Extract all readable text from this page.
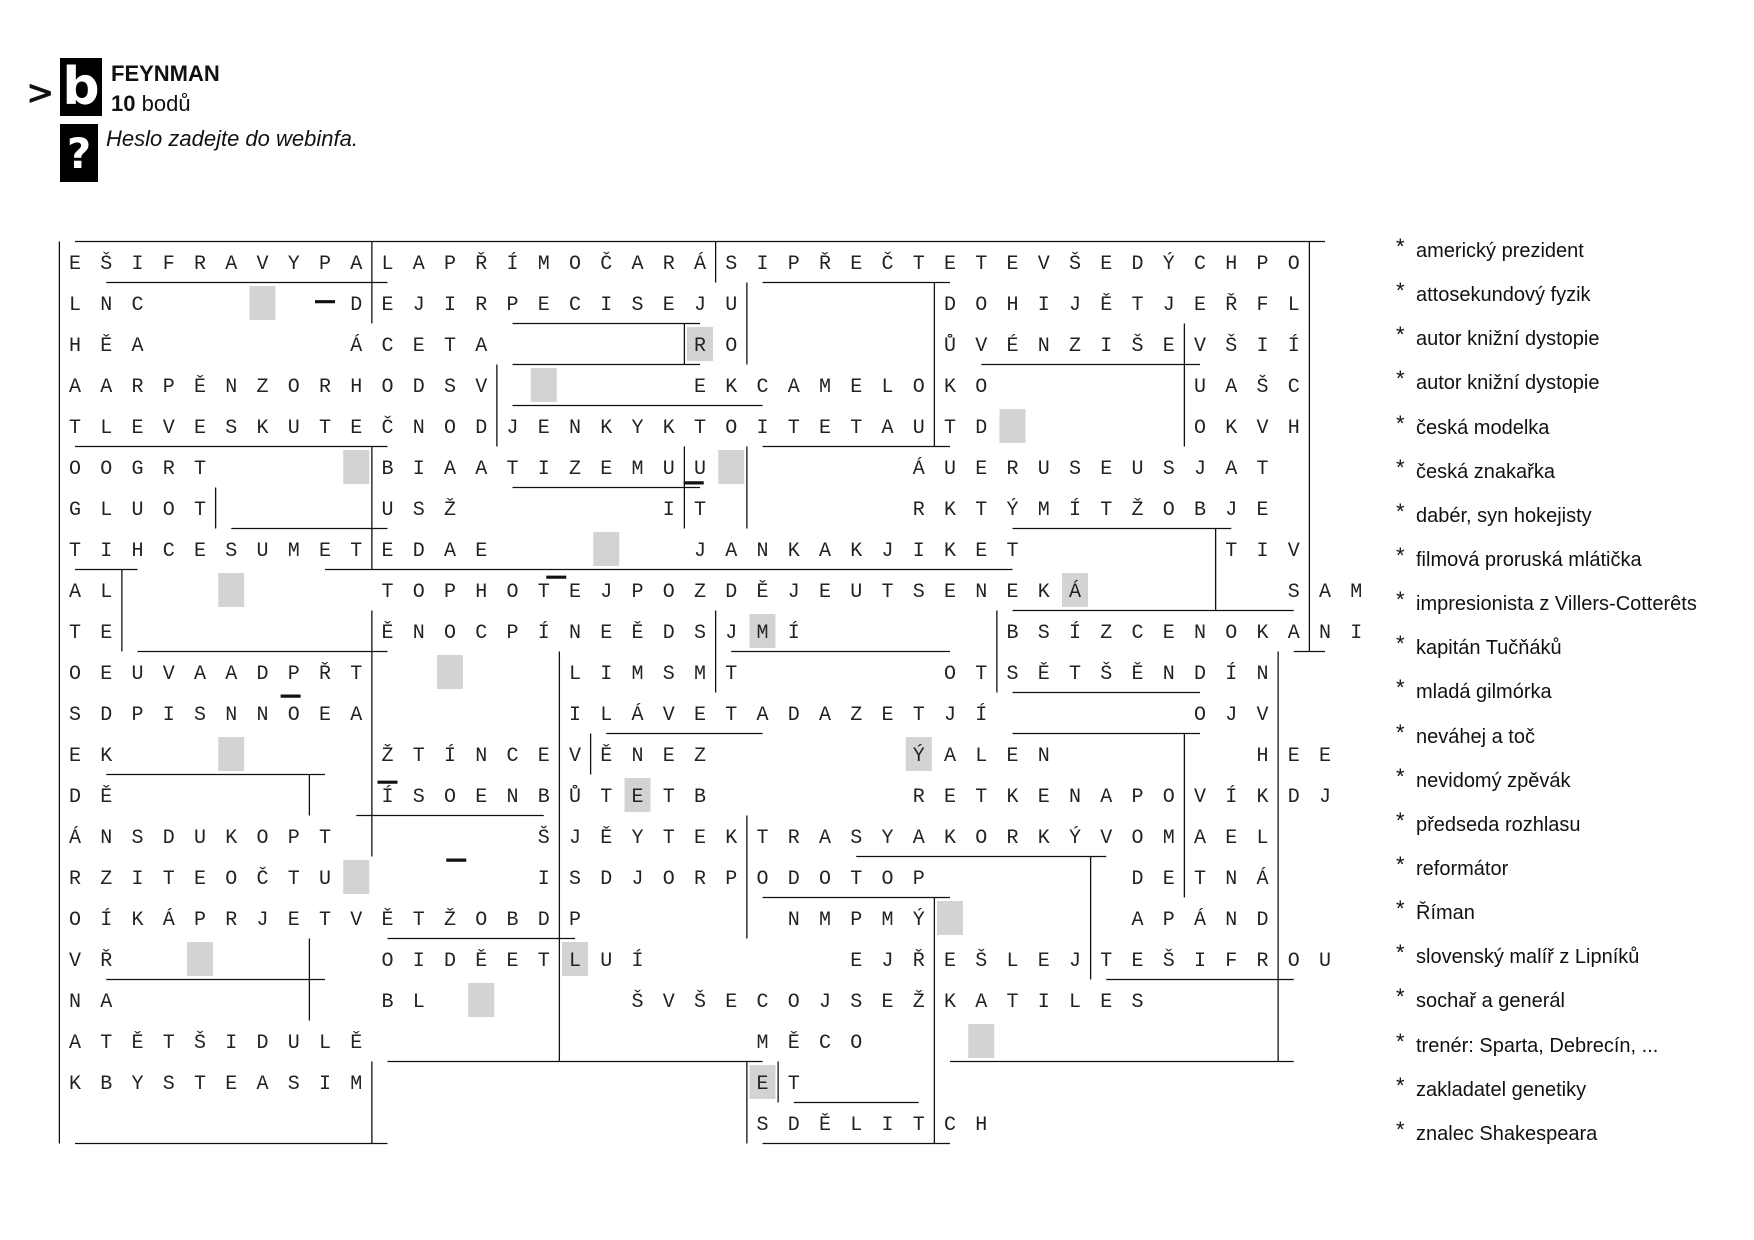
> b
?
FEYNMAN
10 bodů
Heslo zadejte do webinfa.
E Š I F R A V Y P A L A P Ř Í M O Č A R Á S I P Ř E Č T E T E V Š E D Ý C H P O
L N C	D E J I R P E C I S E J U	D O H I J Ě T J E Ř F L
H Ě A	Á C E T A	R O	Ů V É N Z I Š E V Š I Í
A A R P Ě N Z O R H O D S V	E K C A M E L O K O	U A Š C
T L E V E S K U T E Č N O D J E N K Y K T O I T E T A U T D	O K V H
O O G R T	B I A A T I Z E M U U	Á U E R U S E U S J A T
G L U O T	U S Ž	I T	R K T Ý M Í T Ž O B J E
T I H C E S U M E T E D A E	J A N K A K J I K E T	T I V
A L	T O P H O T E J P O Z D Ě J E U T S E N E K Á	S A M
T E	Ě N O C P Í N E Ě D S J M Í	B S Í Z C E N O K A N I
O E U V A A D P Ř T	L I M S M T	O T S Ě T Š Ě N D Í N
S D P I S N N O E A	I L Á V E T A D A Z E T J Í	O J V
E K	Ž T Í N C E V Ě N E Z	Ý A L E N	H E E
D Ě	Í S O E N B Ů T E T B	R E T K E N A P O V Í K D J
Á N S D U K O P T	Š J Ě Y T E K T R A S Y A K O R K Ý V O M A E L
R Z I T E O Č T U	I S D J O R P O D O T O P	D E T N Á
O Í K Á P R J E T V Ě T Ž O B D P	N M P M Ý	A P Á N D
V Ř	O I D Ě E T L U Í	E J Ř E Š L E J T E Š I F R O U
N A	B L	Š V Š E C O J S E Ž K A T I L E S
A T Ě T Š I D U L Ě	M Ě C O
K B Y S T E A S I M	E T
S D Ě L I T C H
* americký prezident
* attosekundový fyzik
* autor knižní dystopie
* autor knižní dystopie
* česká modelka
* česká znakařka
* dabér, syn hokejisty
* filmová proruská mlátička
* impresionista z Villers-Cotterêts
* kapitán Tučňáků
* mladá gilmórka
* neváhej a toč
* nevidomý zpěvák
* předseda rozhlasu
* reformátor
* Říman
* slovenský malíř z Lipníků
* sochař a generál
* trenér: Sparta, Debrecín, ...
* zakladatel genetiky
* znalec Shakespeara
